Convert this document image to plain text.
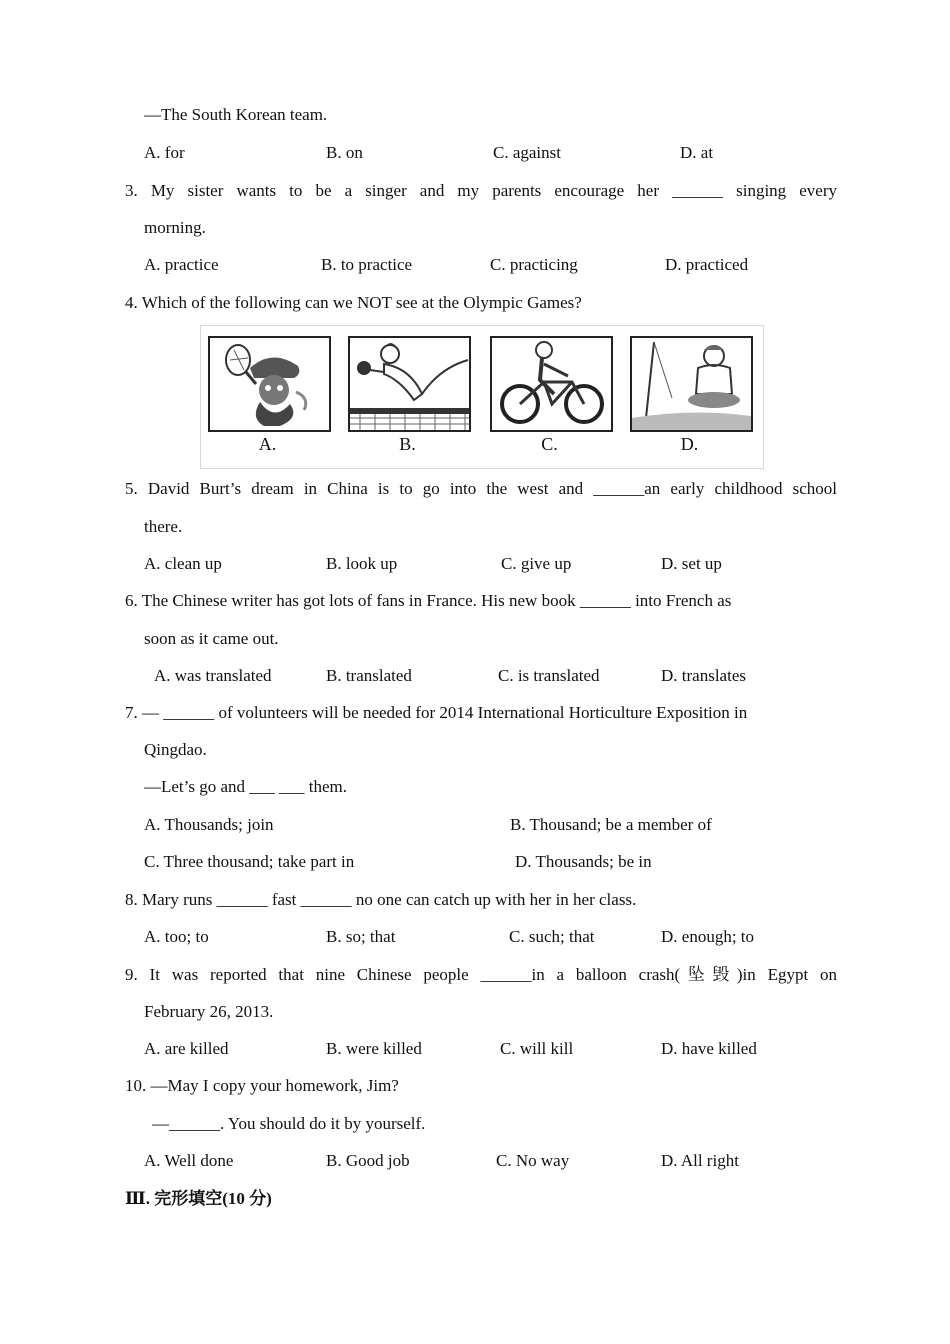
—The South Korean team.
A. for	B. on	C. against	D. at
3. My sister wants to be a singer and my parents encourage her ______ singing every
morning.
A. practice	B. to practice	C. practicing	D. practiced
4. Which of the following can we NOT see at the Olympic Games?
A.	B.	C.	D.
5. David Burt’s dream in China is to go into the west and ______an early childhood school
there.
A. clean up	B. look up	C. give up	D. set up
6. The Chinese writer has got lots of fans in France. His new book ______ into French as
soon as it came out.
A. was translated	B. translated	C. is translated	D. translates
7. — ______ of volunteers will be needed for 2014 International Horticulture Exposition in
Qingdao.
—Let’s go and ___ ___ them.
A. Thousands; join	B. Thousand; be a member of
C. Three thousand; take part in	D. Thousands; be in
8. Mary runs ______ fast ______ no one can catch up with her in her class.
A. too; to	B. so; that	C. such; that	D. enough; to
9. It was reported that nine Chinese people ______in a balloon crash(坠毁)in Egypt on
February 26, 2013.
A. are killed	B. were killed	C. will kill	D. have killed
10. —May I copy your homework, Jim?
—______. You should do it by yourself.
A. Well done	B. Good job	C. No way	D. All right
Ⅲ. 完形填空(10 分)
